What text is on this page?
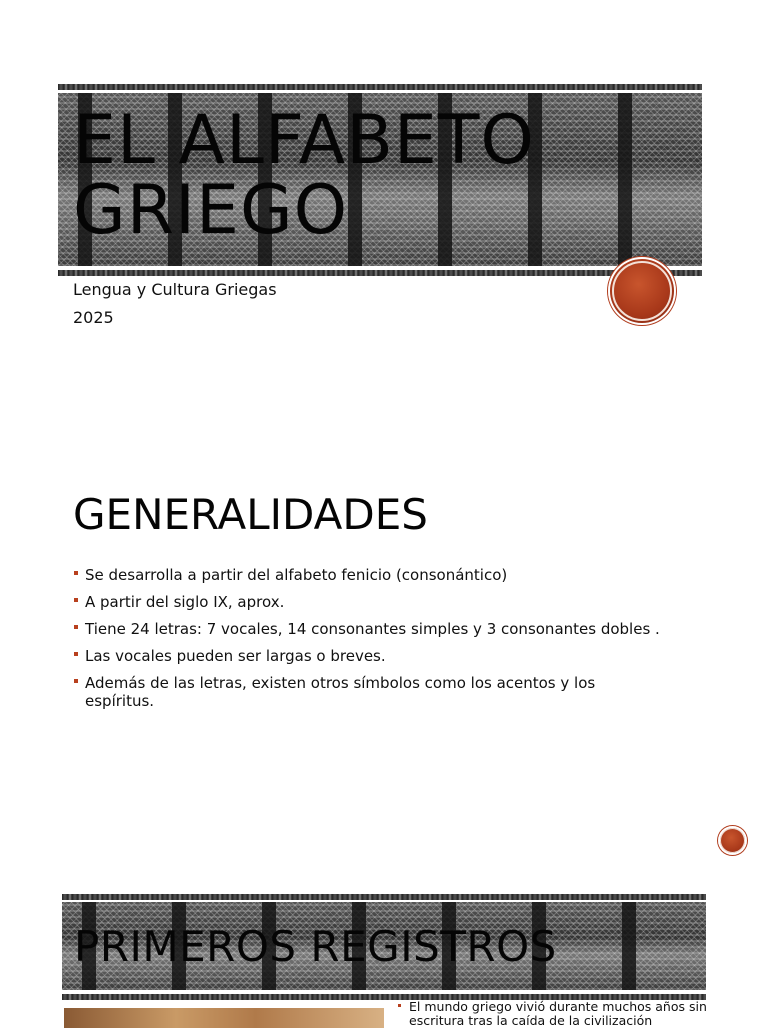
EL ALFABETO GRIEGO
Lengua y Cultura Griegas
2025
GENERALIDADES
Se desarrolla a partir del alfabeto fenicio (consonántico)
A partir del siglo IX, aprox.
Tiene 24 letras: 7 vocales, 14 consonantes simples y 3 consonantes dobles .
Las vocales pueden ser largas o breves.
Además de las letras, existen otros símbolos como los acentos y los espíritus.
PRIMEROS REGISTROS
El mundo griego vivió durante muchos años sin escritura tras la caída de la civilización
